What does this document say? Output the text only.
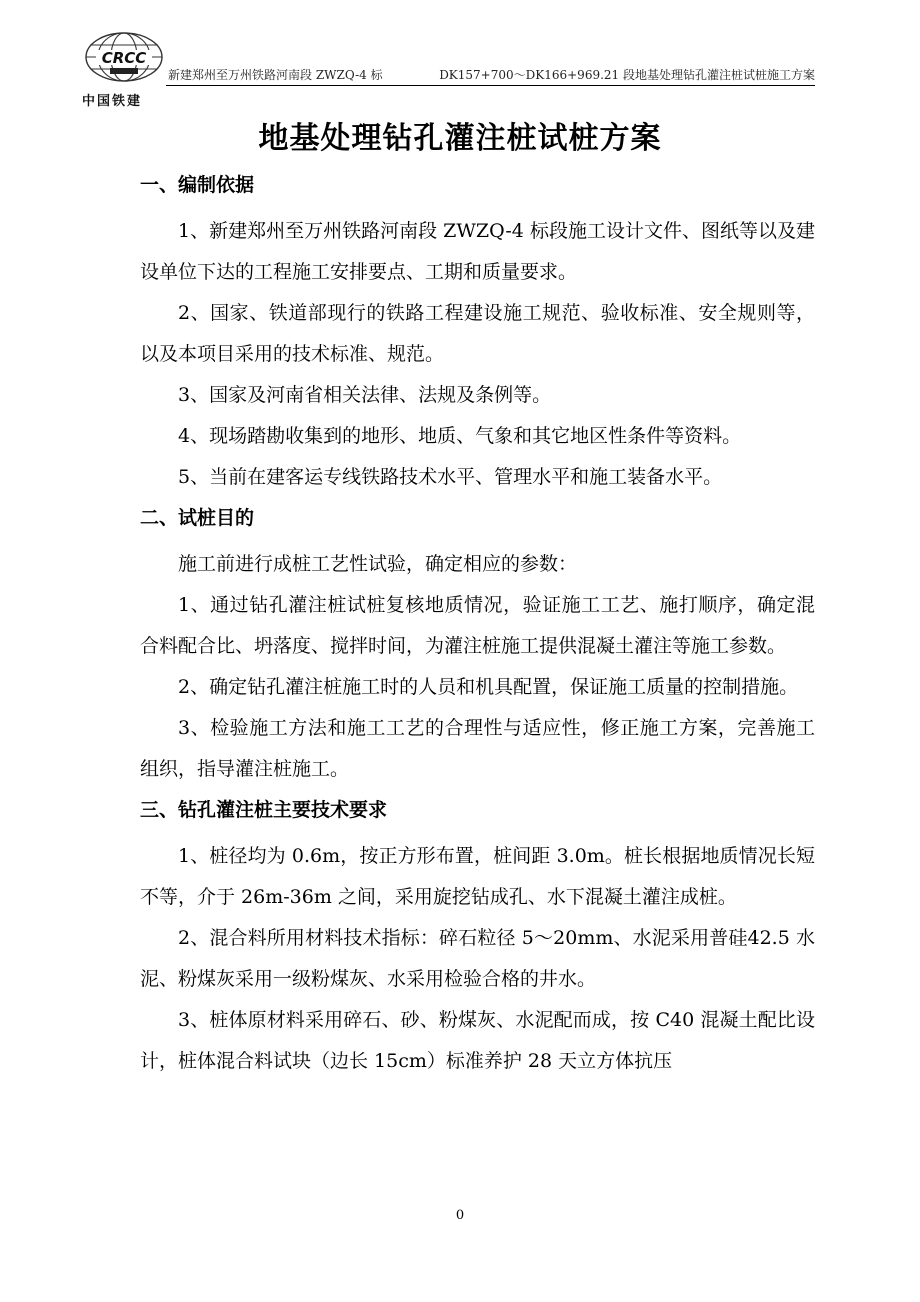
CRCC
中国铁建
新建郑州至万州铁路河南段 ZWZQ-4 标	DK157+700～DK166+969.21 段地基处理钻孔灌注桩试桩施工方案
地基处理钻孔灌注桩试桩方案
一、编制依据

1、新建郑州至万州铁路河南段 ZWZQ-4 标段施工设计文件、图纸等以及建设单位下达的工程施工安排要点、工期和质量要求。

2、国家、铁道部现行的铁路工程建设施工规范、验收标准、安全规则等，以及本项目采用的技术标准、规范。

3、国家及河南省相关法律、法规及条例等。

4、现场踏勘收集到的地形、地质、气象和其它地区性条件等资料。

5、当前在建客运专线铁路技术水平、管理水平和施工装备水平。

二、试桩目的

施工前进行成桩工艺性试验，确定相应的参数：

1、通过钻孔灌注桩试桩复核地质情况，验证施工工艺、施打顺序，确定混合料配合比、坍落度、搅拌时间，为灌注桩施工提供混凝土灌注等施工参数。

2、确定钻孔灌注桩施工时的人员和机具配置，保证施工质量的控制措施。

3、检验施工方法和施工工艺的合理性与适应性，修正施工方案，完善施工组织，指导灌注桩施工。

三、钻孔灌注桩主要技术要求

1、桩径均为 0.6m，按正方形布置，桩间距 3.0m。桩长根据地质情况长短不等，介于 26m-36m 之间，采用旋挖钻成孔、水下混凝土灌注成桩。

2、混合料所用材料技术指标：碎石粒径 5～20mm、水泥采用普硅42.5 水泥、粉煤灰采用一级粉煤灰、水采用检验合格的井水。

3、桩体原材料采用碎石、砂、粉煤灰、水泥配而成，按 C40 混凝土配比设计，桩体混合料试块（边长 15cm）标准养护 28 天立方体抗压

0
